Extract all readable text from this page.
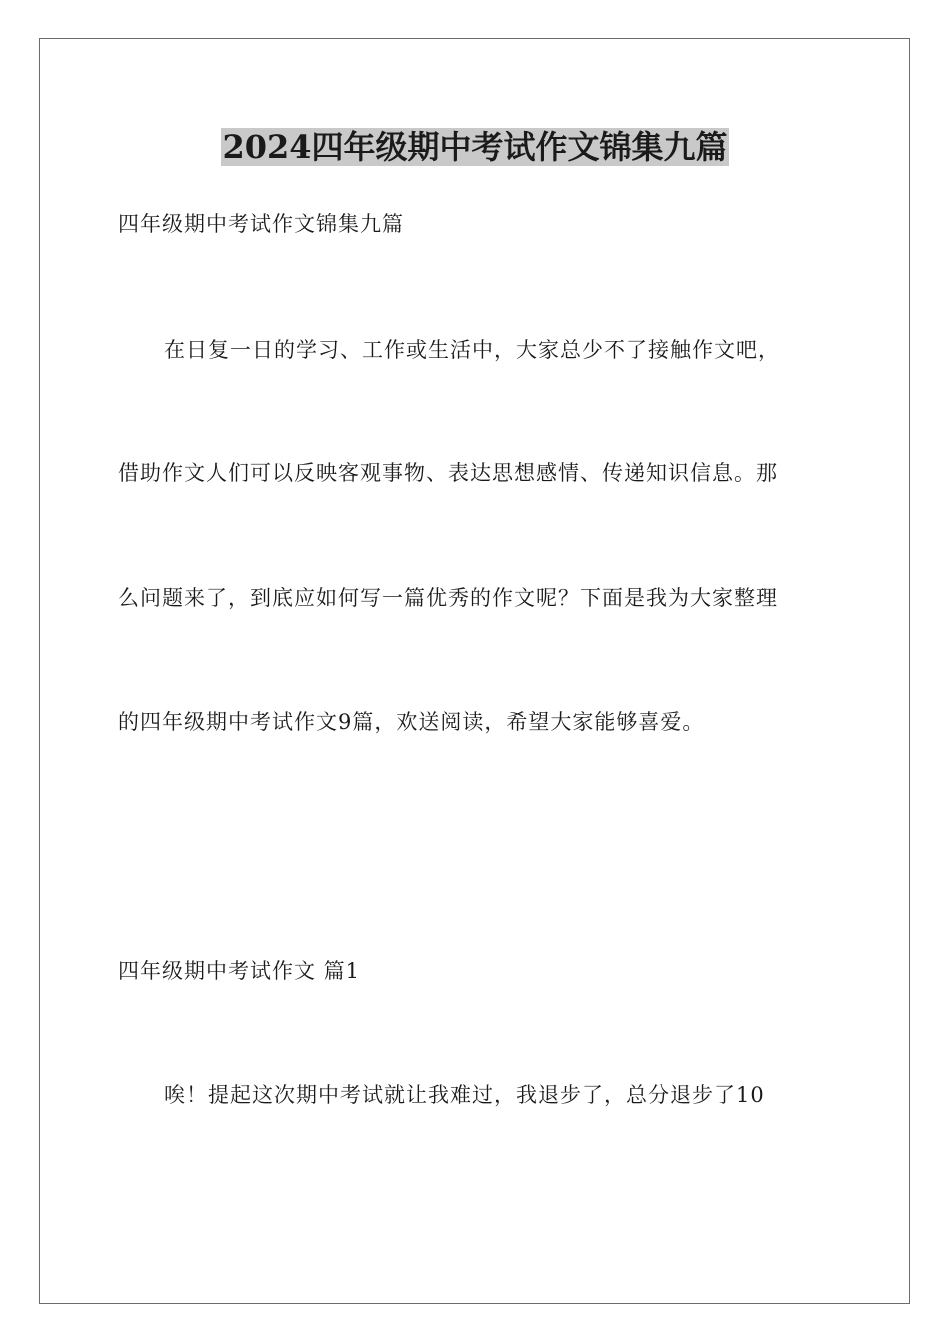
2024四年级期中考试作文锦集九篇
四年级期中考试作文锦集九篇
在日复一日的学习、工作或生活中，大家总少不了接触作文吧，
借助作文人们可以反映客观事物、表达思想感情、传递知识信息。那
么问题来了，到底应如何写一篇优秀的作文呢？下面是我为大家整理
的四年级期中考试作文9篇，欢送阅读，希望大家能够喜爱。
四年级期中考试作文 篇1
唉！提起这次期中考试就让我难过，我退步了，总分退步了10
